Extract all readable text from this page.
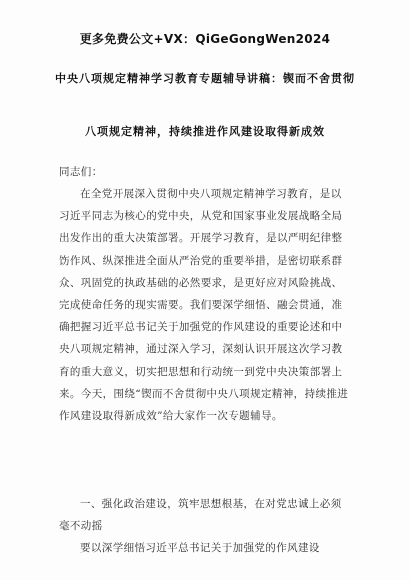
更多免费公文+VX：QiGeGongWen2024
中央八项规定精神学习教育专题辅导讲稿：锲而不舍贯彻
八项规定精神，持续推进作风建设取得新成效
同志们：
在全党开展深入贯彻中央八项规定精神学习教育，是以习近平同志为核心的党中央，从党和国家事业发展战略全局出发作出的重大决策部署。开展学习教育，是以严明纪律整饬作风、纵深推进全面从严治党的重要举措，是密切联系群众、巩固党的执政基础的必然要求，是更好应对风险挑战、完成使命任务的现实需要。我们要深学细悟、融会贯通，准确把握习近平总书记关于加强党的作风建设的重要论述和中央八项规定精神，通过深入学习，深刻认识开展这次学习教育的重大意义，切实把思想和行动统一到党中央决策部署上来。今天，围绕“锲而不舍贯彻中央八项规定精神，持续推进作风建设取得新成效”给大家作一次专题辅导。
一、强化政治建设，筑牢思想根基，在对党忠诚上必须毫不动摇
要以深学细悟习近平总书记关于加强党的作风建设
